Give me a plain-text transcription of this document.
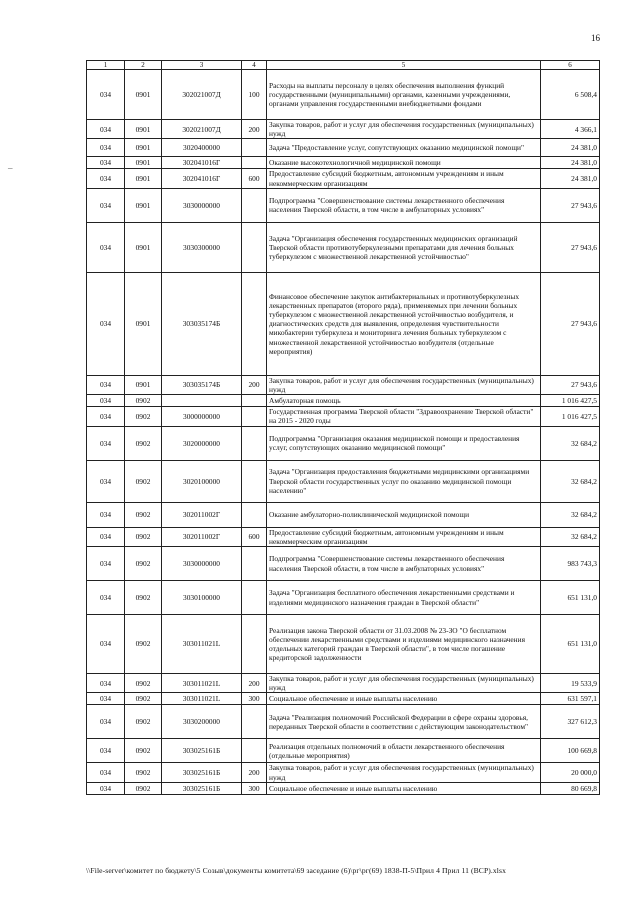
16
–
1	2	3	4	5	6
034	0901	302021007Д	100	Расходы на выплаты персоналу в целях обеспечения выполнения функций государственными (муниципальными) органами, казенными учреждениями, органами управления государственными внебюджетными фондами	6 508,4
034	0901	302021007Д	200	Закупка товаров, работ и услуг для обеспечения государственных (муниципальных) нужд	4 366,1
034	0901	3020400000		Задача "Предоставление услуг, сопутствующих оказанию медицинской помощи"	24 381,0
034	0901	302041016Г		Оказание высокотехнологичной медицинской помощи	24 381,0
034	0901	302041016Г	600	Предоставление субсидий бюджетным, автономным учреждениям и иным некоммерческим организациям	24 381,0
034	0901	3030000000		Подпрограмма "Совершенствование системы лекарственного обеспечения населения Тверской области, в том числе в амбулаторных условиях"	27 943,6
034	0901	3030300000		Задача "Организация обеспечения государственных медицинских организаций Тверской области противотуберкулезными препаратами для лечения больных туберкулезом с множественной лекарственной устойчивостью"	27 943,6
034	0901	303035174Б		Финансовое обеспечение закупок антибактериальных и противотуберкулезных лекарственных препаратов (второго ряда), применяемых при лечении больных туберкулезом с множественной лекарственной устойчивостью возбудителя, и диагностических средств для выявления, определения чувствительности микобактерии туберкулеза и мониторинга лечения больных туберкулезом с множественной лекарственной устойчивостью возбудителя (отдельные мероприятия)	27 943,6
034	0901	303035174Б	200	Закупка товаров, работ и услуг для обеспечения государственных (муниципальных) нужд	27 943,6
034	0902			Амбулаторная помощь	1 016 427,5
034	0902	3000000000		Государственная программа Тверской области "Здравоохранение Тверской области" на 2015 - 2020 годы	1 016 427,5
034	0902	3020000000		Подпрограмма "Организация оказания медицинской помощи и предоставления услуг, сопутствующих оказанию медицинской помощи"	32 684,2
034	0902	3020100000		Задача "Организация предоставления бюджетными медицинскими организациями Тверской области государственных услуг по оказанию медицинской помощи населению"	32 684,2
034	0902	302011002Г		Оказание амбулаторно-поликлинической медицинской помощи	32 684,2
034	0902	302011002Г	600	Предоставление субсидий бюджетным, автономным учреждениям и иным некоммерческим организациям	32 684,2
034	0902	3030000000		Подпрограмма "Совершенствование системы лекарственного обеспечения населения Тверской области, в том числе в амбулаторных условиях"	983 743,3
034	0902	3030100000		Задача "Организация бесплатного обеспечения лекарственными средствами и изделиями медицинского назначения граждан в Тверской области"	651 131,0
034	0902	303011021L		Реализация закона Тверской области от 31.03.2008 № 23-ЗО "О бесплатном обеспечении лекарственными средствами и изделиями медицинского назначения отдельных категорий граждан в Тверской области", в том числе погашение кредиторской задолженности	651 131,0
034	0902	303011021L	200	Закупка товаров, работ и услуг для обеспечения государственных (муниципальных) нужд	19 533,9
034	0902	303011021L	300	Социальное обеспечение и иные выплаты населению	631 597,1
034	0902	3030200000		Задача "Реализация полномочий Российской Федерации в сфере охраны здоровья, переданных Тверской области в соответствии с действующим законодательством"	327 612,3
034	0902	303025161Б		Реализация отдельных полномочий в области лекарственного обеспечения (отдельные мероприятия)	100 669,8
034	0902	303025161Б	200	Закупка товаров, работ и услуг для обеспечения государственных (муниципальных) нужд	20 000,0
034	0902	303025161Б	300	Социальное обеспечение и иные выплаты населению	80 669,8
\\File-server\комитет по бюджету\5 Созыв\документы комитета\69 заседание (6)\рг\рг(69) 1838-П-5\Прил 4 Прил 11 (ВСР).xlsx
